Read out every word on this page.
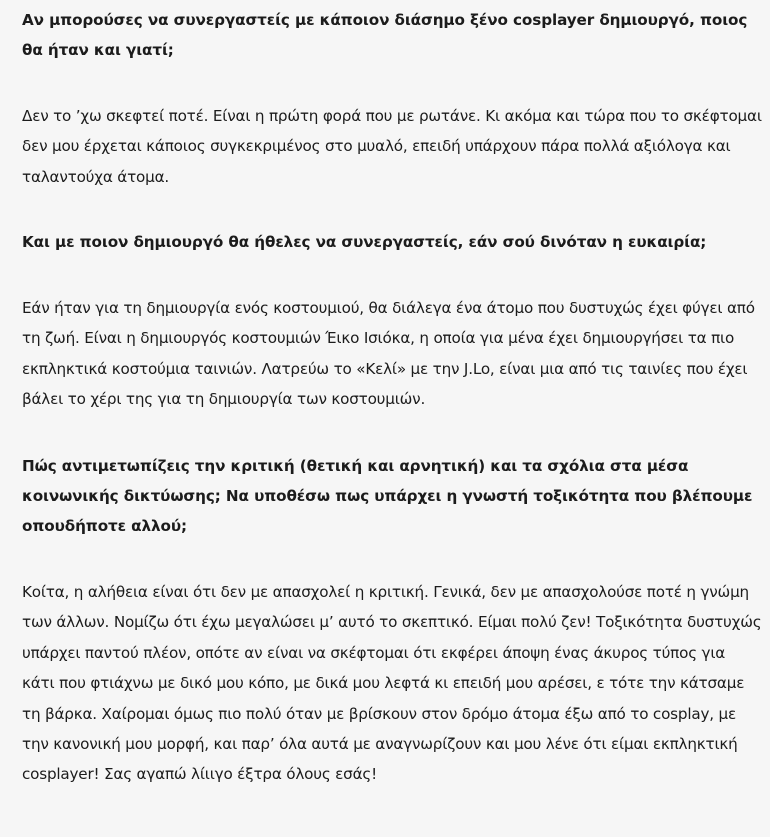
Αν μπορούσες να συνεργαστείς με κάποιον διάσημο ξένο cosplayer δημιουργό, ποιος θα ήταν και γιατί;

Δεν το ’χω σκεφτεί ποτέ. Είναι η πρώτη φορά που με ρωτάνε. Κι ακόμα και τώρα που το σκέφτομαι δεν μου έρχεται κάποιος συγκεκριμένος στο μυαλό, επειδή υπάρχουν πάρα πολλά αξιόλογα και ταλαντούχα άτομα.

Και με ποιον δημιουργό θα ήθελες να συνεργαστείς, εάν σού δινόταν η ευκαιρία;

Εάν ήταν για τη δημιουργία ενός κοστουμιού, θα διάλεγα ένα άτομο που δυστυχώς έχει φύγει από τη ζωή. Είναι η δημιουργός κοστουμιών Έικο Ισιόκα, η οποία για μένα έχει δημιουργήσει τα πιο εκπληκτικά κοστούμια ταινιών. Λατρεύω το «Κελί» με την J.Lo, είναι μια από τις ταινίες που έχει βάλει το χέρι της για τη δημιουργία των κοστουμιών.

Πώς αντιμετωπίζεις την κριτική (θετική και αρνητική) και τα σχόλια στα μέσα κοινωνικής δικτύωσης; Να υποθέσω πως υπάρχει η γνωστή τοξικότητα που βλέπουμε οπουδήποτε αλλού;

Κοίτα, η αλήθεια είναι ότι δεν με απασχολεί η κριτική. Γενικά, δεν με απασχολούσε ποτέ η γνώμη των άλλων. Νομίζω ότι έχω μεγαλώσει μ’ αυτό το σκεπτικό. Είμαι πολύ ζεν! Τοξικότητα δυστυχώς υπάρχει παντού πλέον, οπότε αν είναι να σκέφτομαι ότι εκφέρει άποψη ένας άκυρος τύπος για κάτι που φτιάχνω με δικό μου κόπο, με δικά μου λεφτά κι επειδή μου αρέσει, ε τότε την κάτσαμε τη βάρκα. Χαίρομαι όμως πιο πολύ όταν με βρίσκουν στον δρόμο άτομα έξω από το cosplay, με την κανονική μου μορφή, και παρ’ όλα αυτά με αναγνωρίζουν και μου λένε ότι είμαι εκπληκτική cosplayer! Σας αγαπώ λίιιγο έξτρα όλους εσάς!
